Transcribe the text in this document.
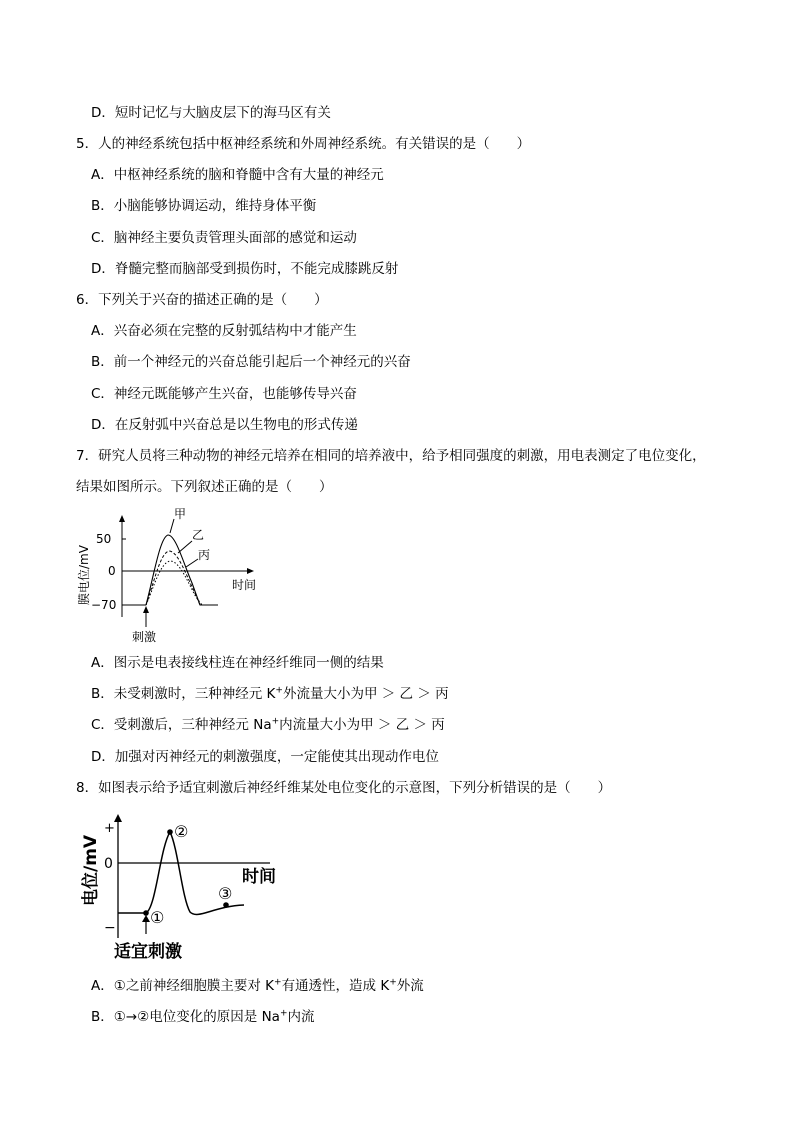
D．短时记忆与大脑皮层下的海马区有关
5．人的神经系统包括中枢神经系统和外周神经系统。有关错误的是（　　）
A．中枢神经系统的脑和脊髓中含有大量的神经元
B．小脑能够协调运动，维持身体平衡
C．脑神经主要负责管理头面部的感觉和运动
D．脊髓完整而脑部受到损伤时，不能完成膝跳反射
6．下列关于兴奋的描述正确的是（　　）
A．兴奋必须在完整的反射弧结构中才能产生
B．前一个神经元的兴奋总能引起后一个神经元的兴奋
C．神经元既能够产生兴奋，也能够传导兴奋
D．在反射弧中兴奋总是以生物电的形式传递
7．研究人员将三种动物的神经元培养在相同的培养液中，给予相同强度的刺激，用电表测定了电位变化，
结果如图所示。下列叙述正确的是（　　）
膜电位/mV
50
0
−70
时间
甲
乙
丙
刺激
A．图示是电表接线柱连在神经纤维同一侧的结果
B．未受刺激时，三种神经元 K+外流量大小为甲 ＞ 乙 ＞ 丙
C．受刺激后，三种神经元 Na+内流量大小为甲 ＞ 乙 ＞ 丙
D．加强对丙神经元的刺激强度，一定能使其出现动作电位
8．如图表示给予适宜刺激后神经纤维某处电位变化的示意图，下列分析错误的是（　　）
电位/mV
+
0
−
时间
①
②
③
适宜刺激
A．①之前神经细胞膜主要对 K+有通透性，造成 K+外流
B．①→②电位变化的原因是 Na+内流
